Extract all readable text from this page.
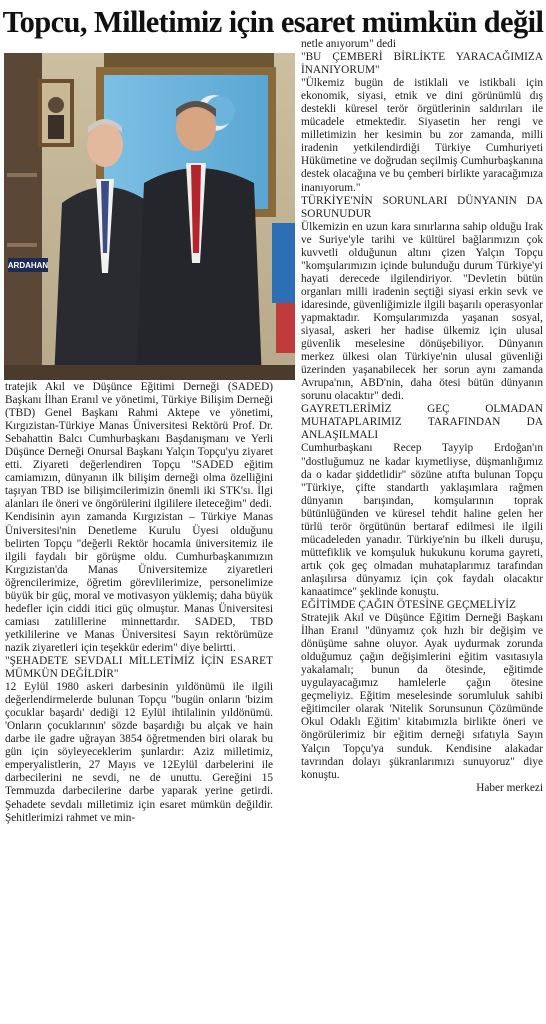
Topcu, Milletimiz için esaret mümkün değil
ARDAHAN

tratejik Akıl ve Düşünce Eğitimi Derneği (SADED) Başkanı İlhan Eranıl ve yönetimi, Türkiye Bilişim Derneği (TBD) Genel Başkanı Rahmi Aktepe ve yönetimi, Kırgızistan-Türkiye Manas Üniversitesi Rektörü Prof. Dr. Sebahattin Balcı Cumhurbaşkanı Başdanışmanı ve Yerli Düşünce Derneği Onursal Başkanı Yalçın Topçu'yu ziyaret etti. Ziyareti değerlendiren Topçu "SADED eğitim camiamızın, dünyanın ilk bilişim derneği olma özelliğini taşıyan TBD ise bilişimcilerimizin önemli iki STK'sı. İlgi alanları ile öneri ve öngörülerini ilgililere ileteceğim" dedi.

Kendisinin ayın zamanda Kırgızistan – Türkiye Manas Üniversitesi'nin Denetleme Kurulu Üyesi olduğunu belirten Topçu "değerli Rektör hocamla üniversitemiz ile ilgili faydalı bir görüşme oldu. Cumhurbaşkanımızın Kırgızistan'da Manas Üniversitemize ziyaretleri öğrencilerimize, öğretim görevlilerimize, personelimize büyük bir güç, moral ve motivasyon yüklemiş; daha büyük hedefler için ciddi itici güç olmuştur. Manas Üniversitesi camiası zatılillerine minnettardır. SADED, TBD yetkililerine ve Manas Üniversitesi Sayın rektörümüze nazik ziyaretleri için teşekkür ederim" diye belirtti.

"ŞEHADETE SEVDALI MİLLETİMİZ İÇİN ESARET MÜMKÜN DEĞİLDİR"

12 Eylül 1980 askeri darbesinin yıldönümü ile ilgili değerlendirmelerde bulunan Topçu "bugün onların 'bizim çocuklar başardı' dediği 12 Eylül ihtilalinin yıldönümü. 'Onların çocuklarının' sözde başardığı bu alçak ve hain darbe ile gadre uğrayan 3854 öğretmenden biri olarak bu gün için söyleyeceklerim şunlardır: Aziz milletimiz, emperyalistlerin, 27 Mayıs ve 12Eylül darbelerini ile darbecilerini ne sevdi, ne de unuttu. Gereğini 15 Temmuzda darbecilerine darbe yaparak yerine getirdi. Şehadete sevdalı milletimiz için esaret mümkün değildir. Şehitlerimizi rahmet ve min-

netle anıyorum" dedi

"BU ÇEMBERİ BİRLİKTE YARACAĞIMIZA İNANIYORUM"

"Ülkemiz bugün de istiklali ve istikbali için ekonomik, siyasi, etnik ve dini görünümlü dış destekli küresel terör örgütlerinin saldırıları ile mücadele etmektedir. Siyasetin her rengi ve milletimizin her kesimin bu zor zamanda, milli iradenin yetkilendirdiği Türkiye Cumhuriyeti Hükümetine ve doğrudan seçilmiş Cumhurbaşkanına destek olacağına ve bu çemberi birlikte yaracağımıza inanıyorum."

TÜRKİYE'NİN SORUNLARI DÜNYANIN DA SORUNUDUR

Ülkemizin en uzun kara sınırlarına sahip olduğu Irak ve Suriye'yle tarihi ve kültürel bağlarımızın çok kuvvetli olduğunun altını çizen Yalçın Topçu "komşularımızın içinde bulunduğu durum Türkiye'yi hayati derecede ilgilendiriyor. "Devletin bütün organları milli iradenin seçtiği siyasi erkin sevk ve idaresinde, güvenliğimizle ilgili başarılı operasyonlar yapmaktadır. Komşularımızda yaşanan sosyal, siyasal, askeri her hadise ülkemiz için ulusal güvenlik meselesine dönüşebiliyor. Dünyanın merkez ülkesi olan Türkiye'nin ulusal güvenliği üzerinden yaşanabilecek her sorun aynı zamanda Avrupa'nın, ABD'nin, daha ötesi bütün dünyanın sorunu olacaktır" dedi.

GAYRETLERİMİZ GEÇ OLMADAN MUHATAPLARIMIZ TARAFINDAN DA ANLAŞILMALI

Cumhurbaşkanı Recep Tayyip Erdoğan'ın "dostluğumuz ne kadar kıymetliyse, düşmanlığımız da o kadar şiddetlidir" sözüne atıfta bulunan Topçu "Türkiye, çifte standartlı yaklaşımlara rağmen dünyanın barışından, komşularının toprak bütünlüğünden ve küresel tehdit haline gelen her türlü terör örgütünün bertaraf edilmesi ile ilgili mücadeleden yanadır. Türkiye'nin bu ilkeli duruşu, müttefiklik ve komşuluk hukukunu koruma gayreti, artık çok geç olmadan muhataplarımız tarafından anlaşılırsa dünyamız için çok faydalı olacaktır kanaatimce" şeklinde konuştu.

EĞİTİMDE ÇAĞIN ÖTESİNE GEÇMELİYİZ

Stratejik Akıl ve Düşünce Eğitim Derneği Başkanı İlhan Eranıl "dünyamız çok hızlı bir değişim ve dönüşüme sahne oluyor. Ayak uydurmak zorunda olduğumuz çağın değişimlerini eğitim vasıtasıyla yakalamalı; bunun da ötesinde, eğitimde uygulayacağımız hamlelerle çağın ötesine geçmeliyiz. Eğitim meselesinde sorumluluk sahibi eğitimciler olarak 'Nitelik Sorunsunun Çözümünde Okul Odaklı Eğitim' kitabımızla birlikte öneri ve öngörülerimiz bir eğitim derneği sıfatıyla Sayın Yalçın Topçu'ya sunduk. Kendisine alakadar tavrından dolayı şükranlarımızı sunuyoruz" diye konuştu.

Haber merkezi
